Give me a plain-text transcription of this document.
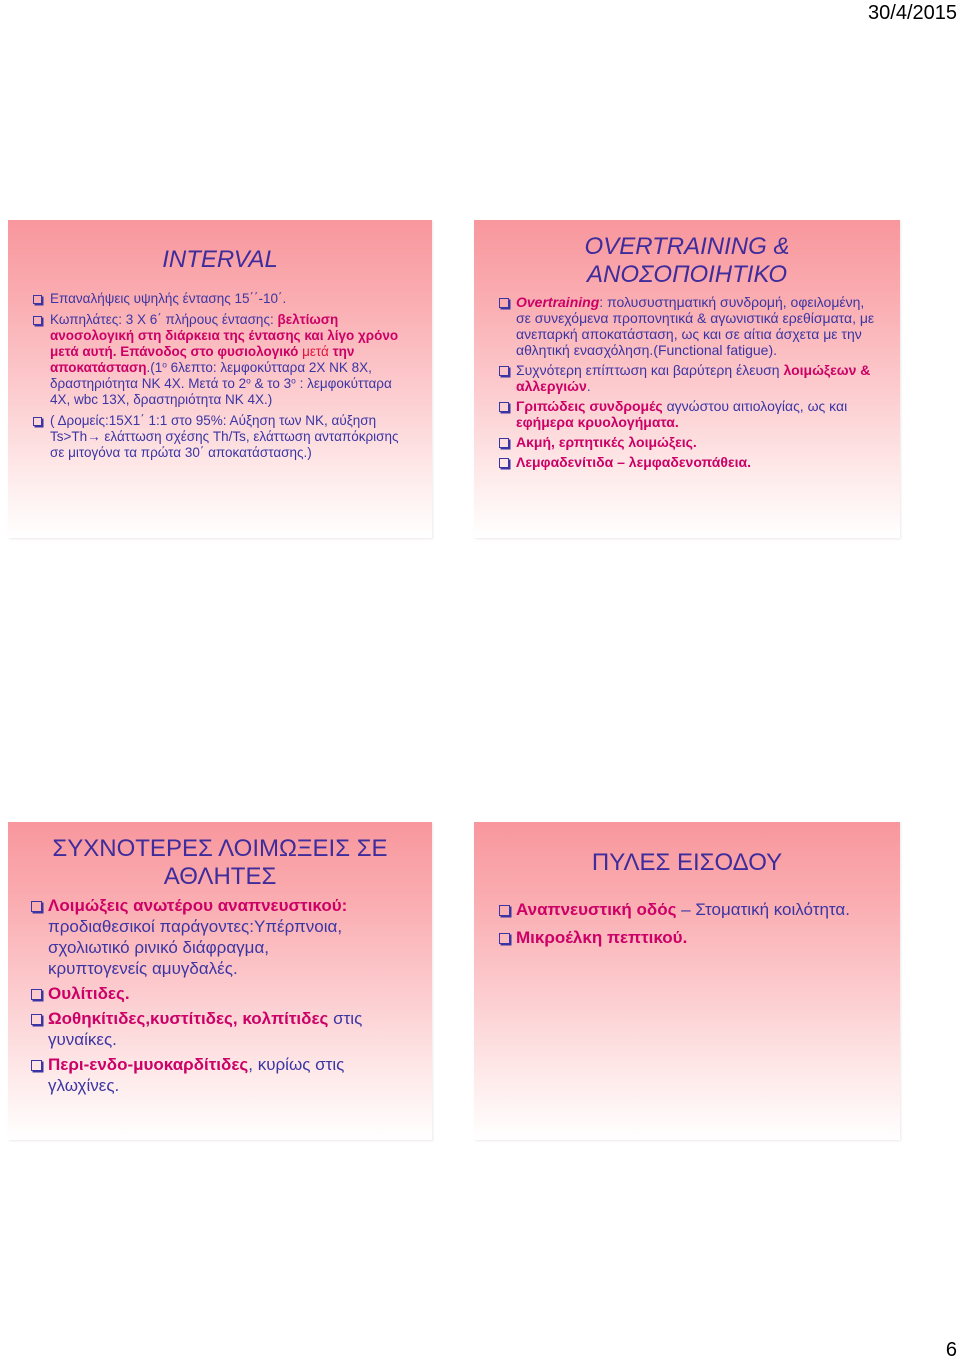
30/4/2015
INTERVAL
Επαναλήψεις υψηλής έντασης 15΄΄-10΄.
Κωπηλάτες: 3 Χ 6΄ πλήρους έντασης: βελτίωση ανοσολογική στη διάρκεια της έντασης και λίγο χρόνο μετά αυτή. Επάνοδος στο φυσιολογικό μετά την $\alpha\pi o\kappa\alpha\tau ά\sigma\tau\alpha\sigma\eta.(1^o$ 6λεπτο: λεμφοκύτταρα 2X NK 8X, δραστηριότητα NK 4X. Μετά το $2^o$ & το $3^o$ : λεμφοκύτταρα 4X, wbc 13X, δραστηριότητα NK 4X.)
( Δρομείς:15X1΄ 1:1 στο 95%: Αύξηση των NK, αύξηση Ts>Th→ ελάττωση σχέσης Th/Ts, ελάττωση ανταπόκρισης σε μιτογόνα τα πρώτα 30΄ αποκατάστασης.)
OVERTRAINING &
ΑΝΟΣΟΠΟΙΗΤΙΚΟ
Overtraining: πολυσυστηματική συνδρομή, οφειλομένη, σε συνεχόμενα προπονητικά & αγωνιστικά ερεθίσματα, με ανεπαρκή αποκατάσταση, ως και σε αίτια άσχετα με την αθλητική ενασχόληση.(Functional fatigue).
Συχνότερη επίπτωση και βαρύτερη έλευση λοιμώξεων & αλλεργιών.
Γριπώδεις συνδρομές αγνώστου αιτιολογίας, ως και εφήμερα κρυολογήματα.
Ακμή, ερπητικές λοιμώξεις.
Λεμφαδενίτιδα – λεμφαδενοπάθεια.
ΣΥΧΝΟΤΕΡΕΣ ΛΟΙΜΩΞΕΙΣ ΣΕ
ΑΘΛΗΤΕΣ
Λοιμώξεις ανωτέρου αναπνευστικού: προδιαθεσικοί παράγοντες:Υπέρπνοια, σχολιωτικό ρινικό διάφραγμα,
κρυπτογενείς αμυγδαλές.
Ουλίτιδες.
Ωοθηκίτιδες,κυστίτιδες, κολπίτιδες στις γυναίκες.
Περι-ενδο-μυοκαρδίτιδες, κυρίως στις γλωχίνες.
ΠΥΛΕΣ ΕΙΣΟΔΟΥ
Αναπνευστική οδός – Στοματική κοιλότητα.
Μικροέλκη πεπτικού.
6
